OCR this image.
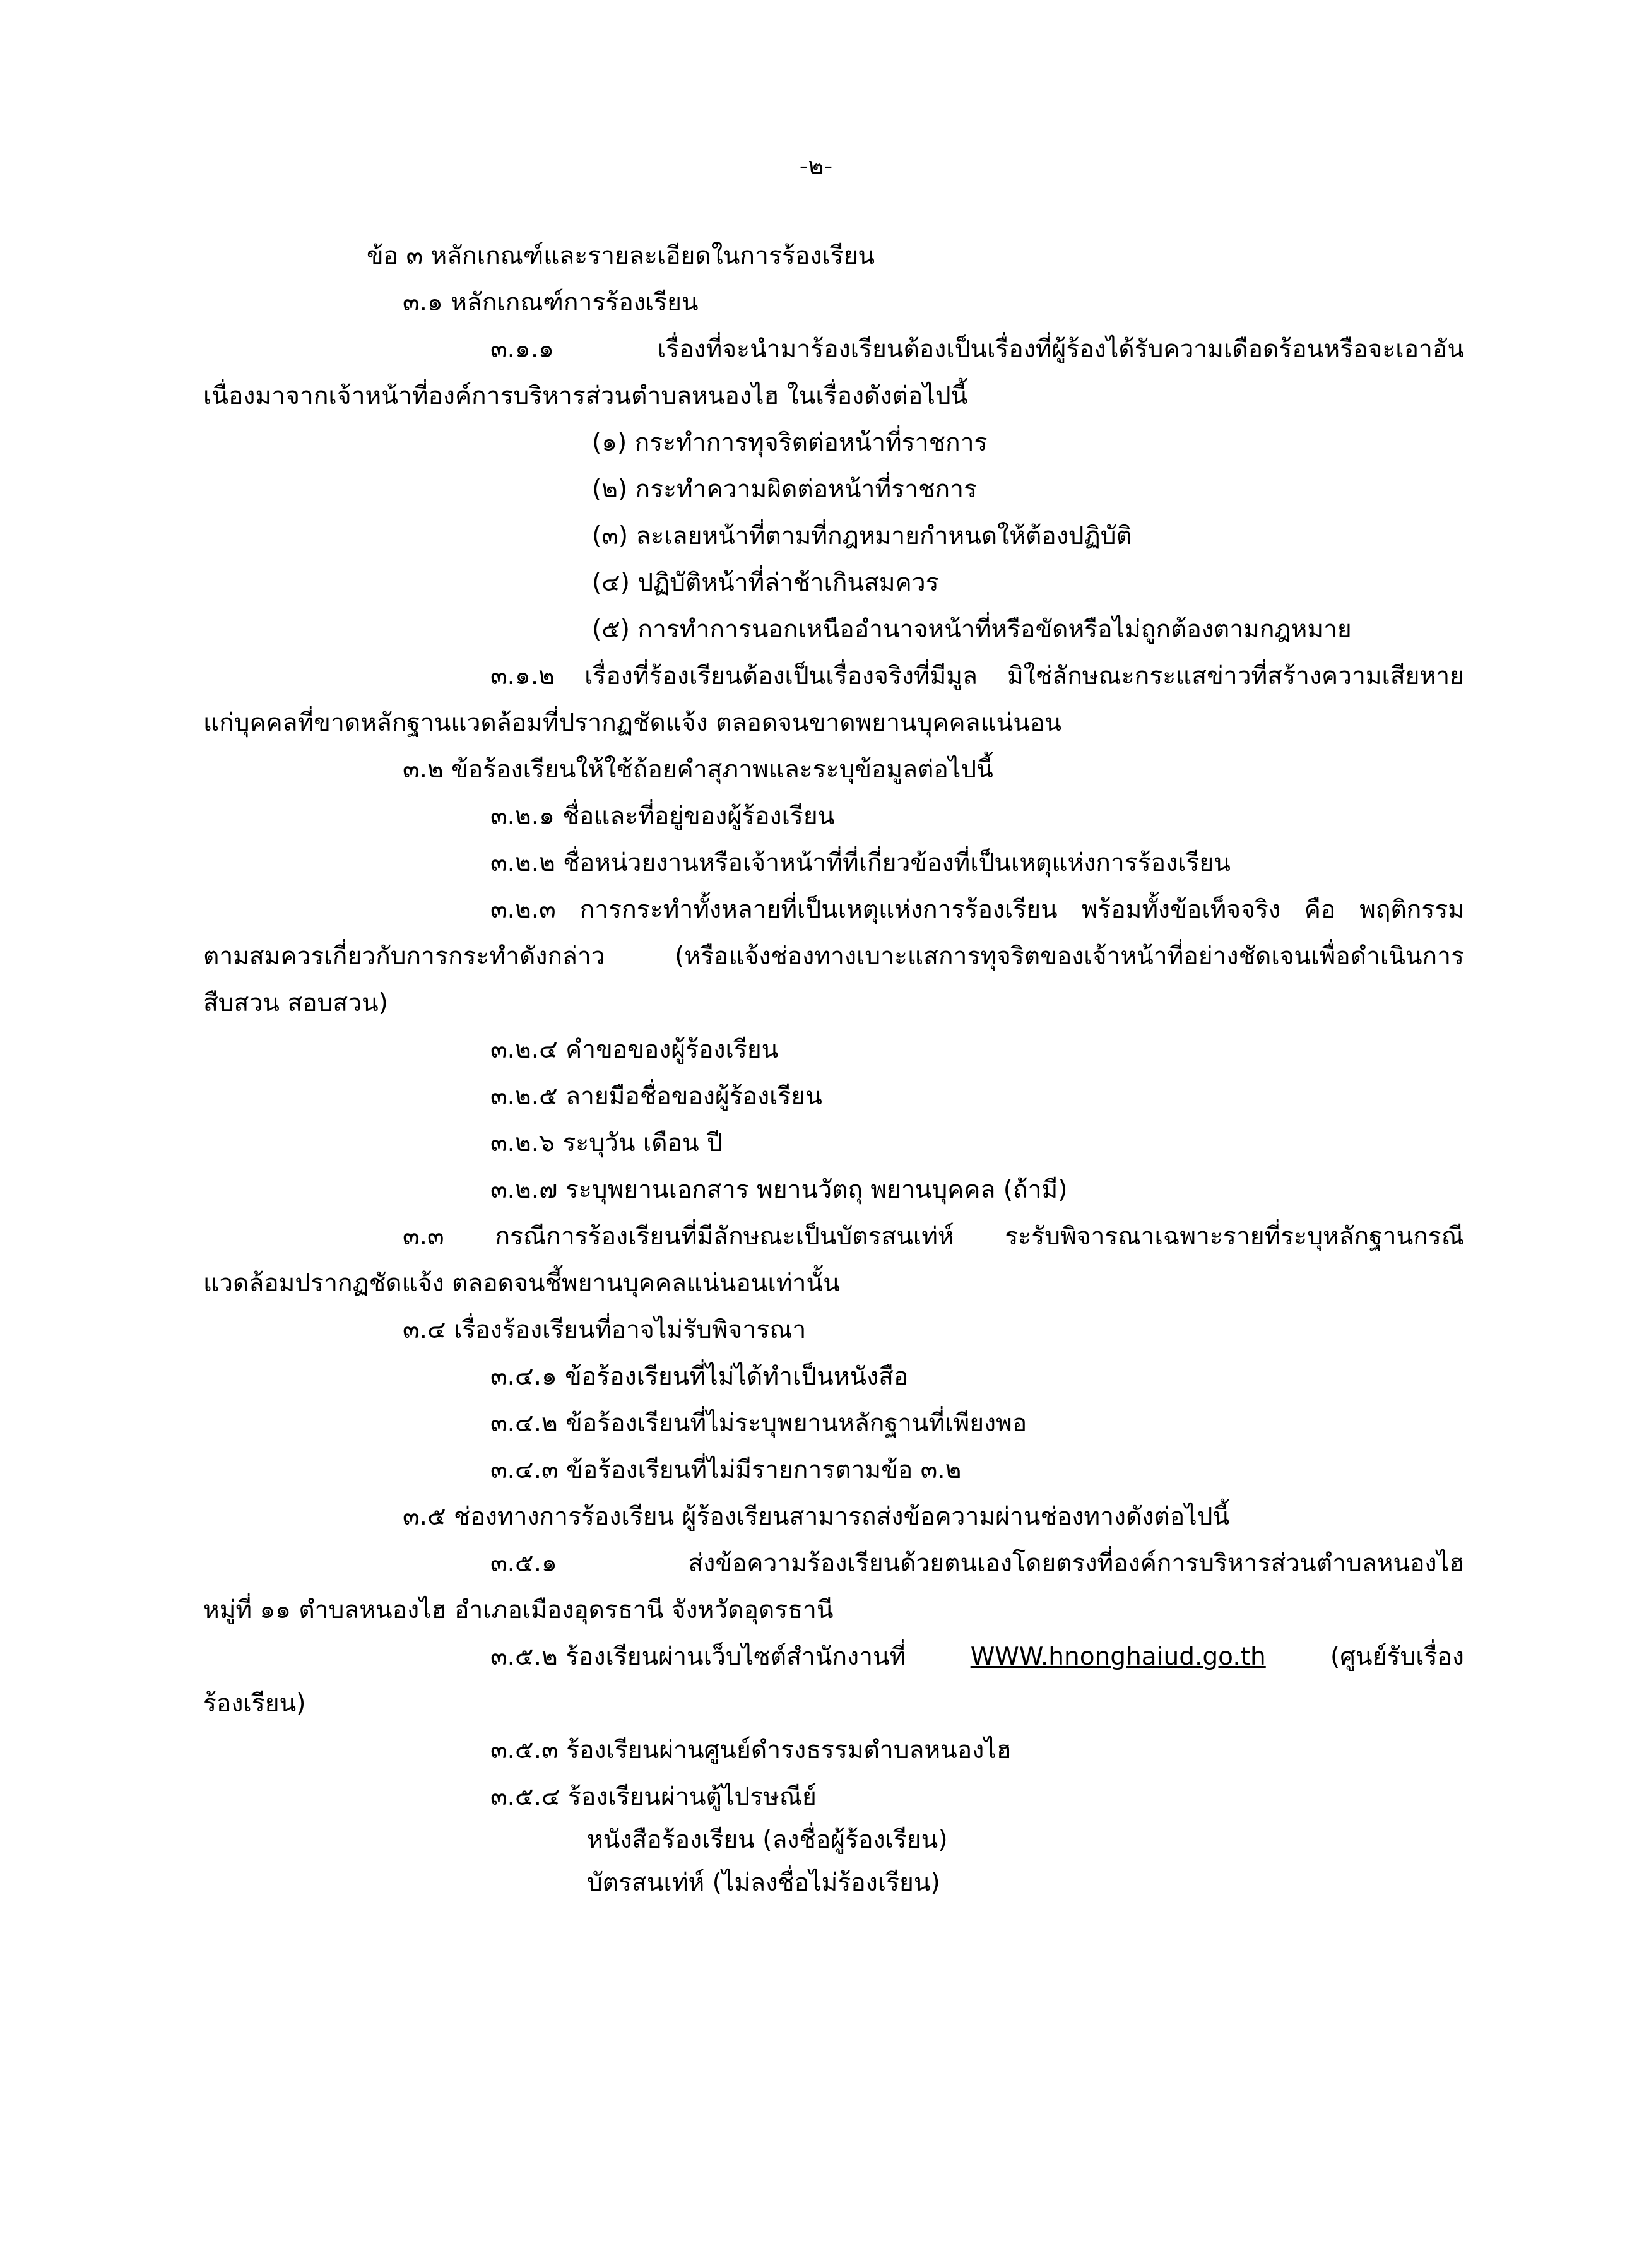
-๒-
ข้อ ๓ หลักเกณฑ์และรายละเอียดในการร้องเรียน
๓.๑ หลักเกณฑ์การร้องเรียน
๓.๑.๑ เรื่องที่จะนำมาร้องเรียนต้องเป็นเรื่องที่ผู้ร้องได้รับความเดือดร้อนหรือจะเอาอัน
เนื่องมาจากเจ้าหน้าที่องค์การบริหารส่วนตำบลหนองไฮ ในเรื่องดังต่อไปนี้
(๑) กระทำการทุจริตต่อหน้าที่ราชการ
(๒) กระทำความผิดต่อหน้าที่ราชการ
(๓) ละเลยหน้าที่ตามที่กฎหมายกำหนดให้ต้องปฏิบัติ
(๔) ปฏิบัติหน้าที่ล่าช้าเกินสมควร
(๕) การทำการนอกเหนืออำนาจหน้าที่หรือขัดหรือไม่ถูกต้องตามกฎหมาย
๓.๑.๒ เรื่องที่ร้องเรียนต้องเป็นเรื่องจริงที่มีมูล มิใช่ลักษณะกระแสข่าวที่สร้างความเสียหาย
แก่บุคคลที่ขาดหลักฐานแวดล้อมที่ปรากฏชัดแจ้ง ตลอดจนขาดพยานบุคคลแน่นอน
๓.๒ ข้อร้องเรียนให้ใช้ถ้อยคำสุภาพและระบุข้อมูลต่อไปนี้
๓.๒.๑ ชื่อและที่อยู่ของผู้ร้องเรียน
๓.๒.๒ ชื่อหน่วยงานหรือเจ้าหน้าที่ที่เกี่ยวข้องที่เป็นเหตุแห่งการร้องเรียน
๓.๒.๓ การกระทำทั้งหลายที่เป็นเหตุแห่งการร้องเรียน พร้อมทั้งข้อเท็จจริง คือ พฤติกรรม
ตามสมควรเกี่ยวกับการกระทำดังกล่าว (หรือแจ้งช่องทางเบาะแสการทุจริตของเจ้าหน้าที่อย่างชัดเจนเพื่อดำเนินการ
สืบสวน สอบสวน)
๓.๒.๔ คำขอของผู้ร้องเรียน
๓.๒.๕ ลายมือชื่อของผู้ร้องเรียน
๓.๒.๖ ระบุวัน เดือน ปี
๓.๒.๗ ระบุพยานเอกสาร พยานวัตถุ พยานบุคคล (ถ้ามี)
๓.๓ กรณีการร้องเรียนที่มีลักษณะเป็นบัตรสนเท่ห์ ระรับพิจารณาเฉพาะรายที่ระบุหลักฐานกรณี
แวดล้อมปรากฏชัดแจ้ง ตลอดจนชี้พยานบุคคลแน่นอนเท่านั้น
๓.๔ เรื่องร้องเรียนที่อาจไม่รับพิจารณา
๓.๔.๑ ข้อร้องเรียนที่ไม่ได้ทำเป็นหนังสือ
๓.๔.๒ ข้อร้องเรียนที่ไม่ระบุพยานหลักฐานที่เพียงพอ
๓.๔.๓ ข้อร้องเรียนที่ไม่มีรายการตามข้อ ๓.๒
๓.๕ ช่องทางการร้องเรียน ผู้ร้องเรียนสามารถส่งข้อความผ่านช่องทางดังต่อไปนี้
๓.๕.๑ ส่งข้อความร้องเรียนด้วยตนเองโดยตรงที่องค์การบริหารส่วนตำบลหนองไฮ
หมู่ที่ ๑๑ ตำบลหนองไฮ อำเภอเมืองอุดรธานี จังหวัดอุดรธานี
๓.๕.๒ ร้องเรียนผ่านเว็บไซต์สำนักงานที่	WWW.hnonghaiud.go.th	(ศูนย์รับเรื่อง
ร้องเรียน)
๓.๕.๓ ร้องเรียนผ่านศูนย์ดำรงธรรมตำบลหนองไฮ
๓.๕.๔ ร้องเรียนผ่านตู้ไปรษณีย์
หนังสือร้องเรียน (ลงชื่อผู้ร้องเรียน)
บัตรสนเท่ห์ (ไม่ลงชื่อไม่ร้องเรียน)
